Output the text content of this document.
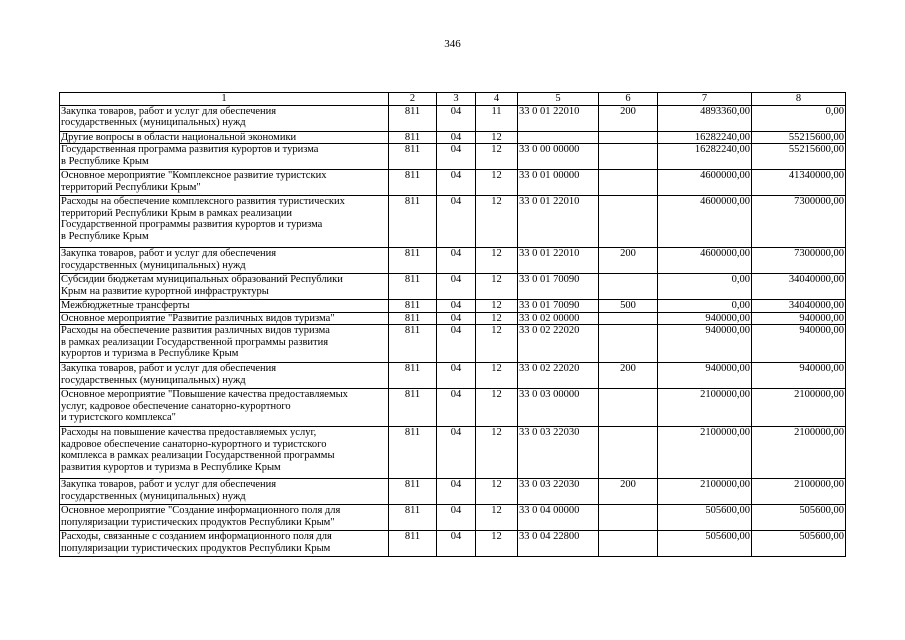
346
1	2	3	4	5	6	7	8
Закупка товаров, работ и услуг для обеспечения
государственных (муниципальных) нужд	811	04	11	33 0 01 22010	200	4893360,00	0,00
Другие вопросы в области национальной экономики	811	04	12			16282240,00	55215600,00
Государственная программа развития курортов и туризма
в Республике Крым	811	04	12	33 0 00 00000		16282240,00	55215600,00
Основное мероприятие "Комплексное развитие туристских
территорий Республики Крым"	811	04	12	33 0 01 00000		4600000,00	41340000,00
Расходы на обеспечение комплексного развития туристических
территорий Республики Крым в рамках реализации
Государственной программы развития курортов и туризма
в Республике Крым	811	04	12	33 0 01 22010		4600000,00	7300000,00
Закупка товаров, работ и услуг для обеспечения
государственных (муниципальных) нужд	811	04	12	33 0 01 22010	200	4600000,00	7300000,00
Субсидии бюджетам муниципальных образований Республики
Крым на развитие курортной инфраструктуры	811	04	12	33 0 01 70090		0,00	34040000,00
Межбюджетные трансферты	811	04	12	33 0 01 70090	500	0,00	34040000,00
Основное мероприятие "Развитие различных видов туризма"	811	04	12	33 0 02 00000		940000,00	940000,00
Расходы на обеспечение развития различных видов туризма
в рамках реализации Государственной программы развития
курортов и туризма в Республике Крым	811	04	12	33 0 02 22020		940000,00	940000,00
Закупка товаров, работ и услуг для обеспечения
государственных (муниципальных) нужд	811	04	12	33 0 02 22020	200	940000,00	940000,00
Основное мероприятие "Повышение качества предоставляемых
услуг, кадровое обеспечение санаторно-курортного
и туристского комплекса"	811	04	12	33 0 03 00000		2100000,00	2100000,00
Расходы на повышение качества предоставляемых услуг,
кадровое обеспечение санаторно-курортного и туристского
комплекса в рамках реализации Государственной программы
развития курортов и туризма в Республике Крым	811	04	12	33 0 03 22030		2100000,00	2100000,00
Закупка товаров, работ и услуг для обеспечения
государственных (муниципальных) нужд	811	04	12	33 0 03 22030	200	2100000,00	2100000,00
Основное мероприятие "Создание информационного поля для
популяризации туристических продуктов Республики Крым"	811	04	12	33 0 04 00000		505600,00	505600,00
Расходы, связанные с созданием информационного поля для
популяризации туристических продуктов Республики Крым	811	04	12	33 0 04 22800		505600,00	505600,00
